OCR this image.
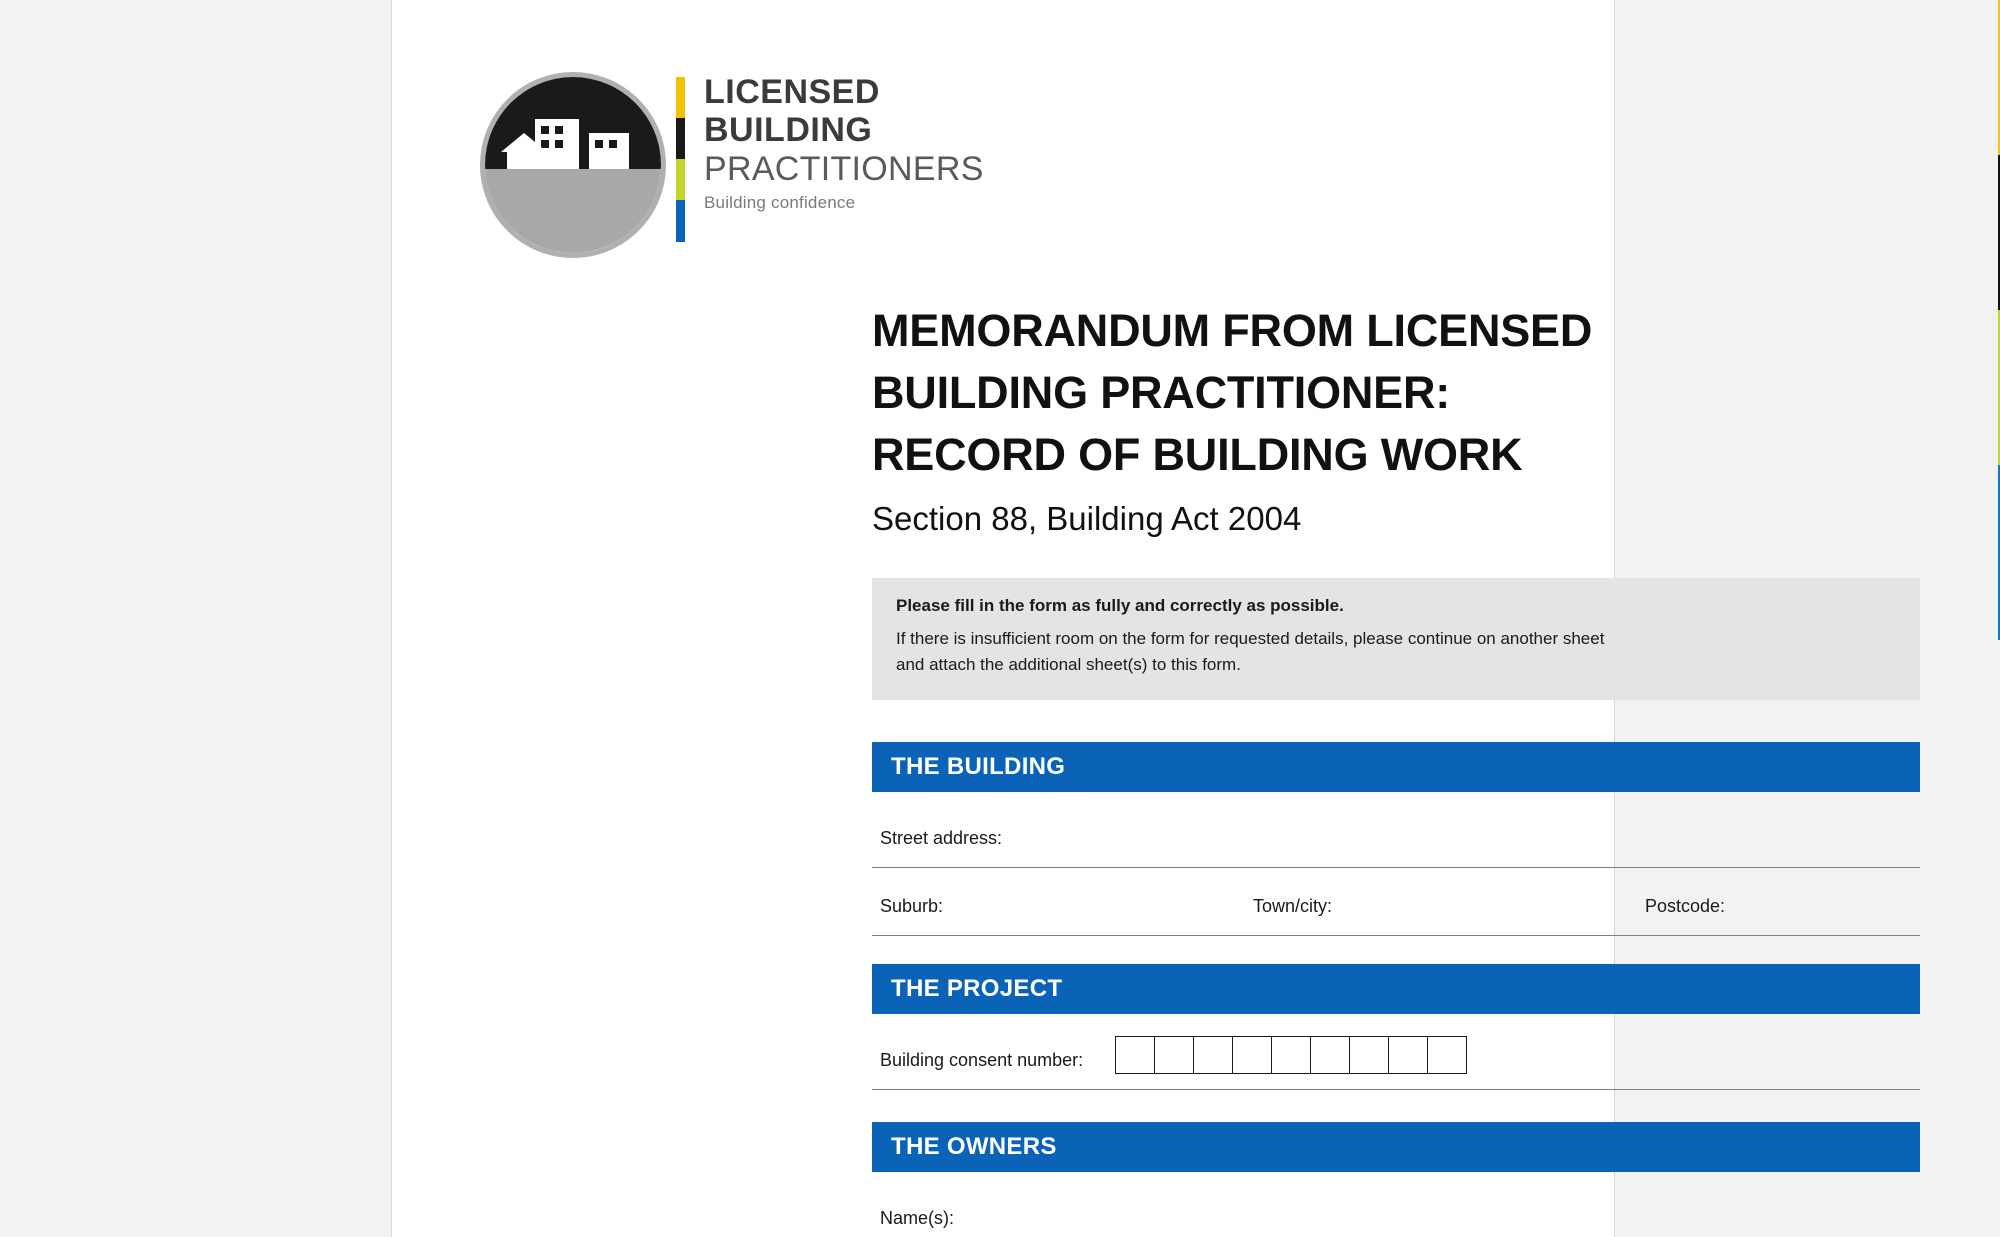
LICENSED
BUILDING
PRACTITIONERS
Building confidence
MEMORANDUM FROM LICENSED
BUILDING PRACTITIONER:
RECORD OF BUILDING WORK
Section 88, Building Act 2004
Please fill in the form as fully and correctly as possible.
If there is insufficient room on the form for requested details, please continue on another sheet
and attach the additional sheet(s) to this form.
THE BUILDING
Street address:
Suburb:	Town/city:	Postcode:
THE PROJECT
Building consent number:
THE OWNERS
Name(s):
